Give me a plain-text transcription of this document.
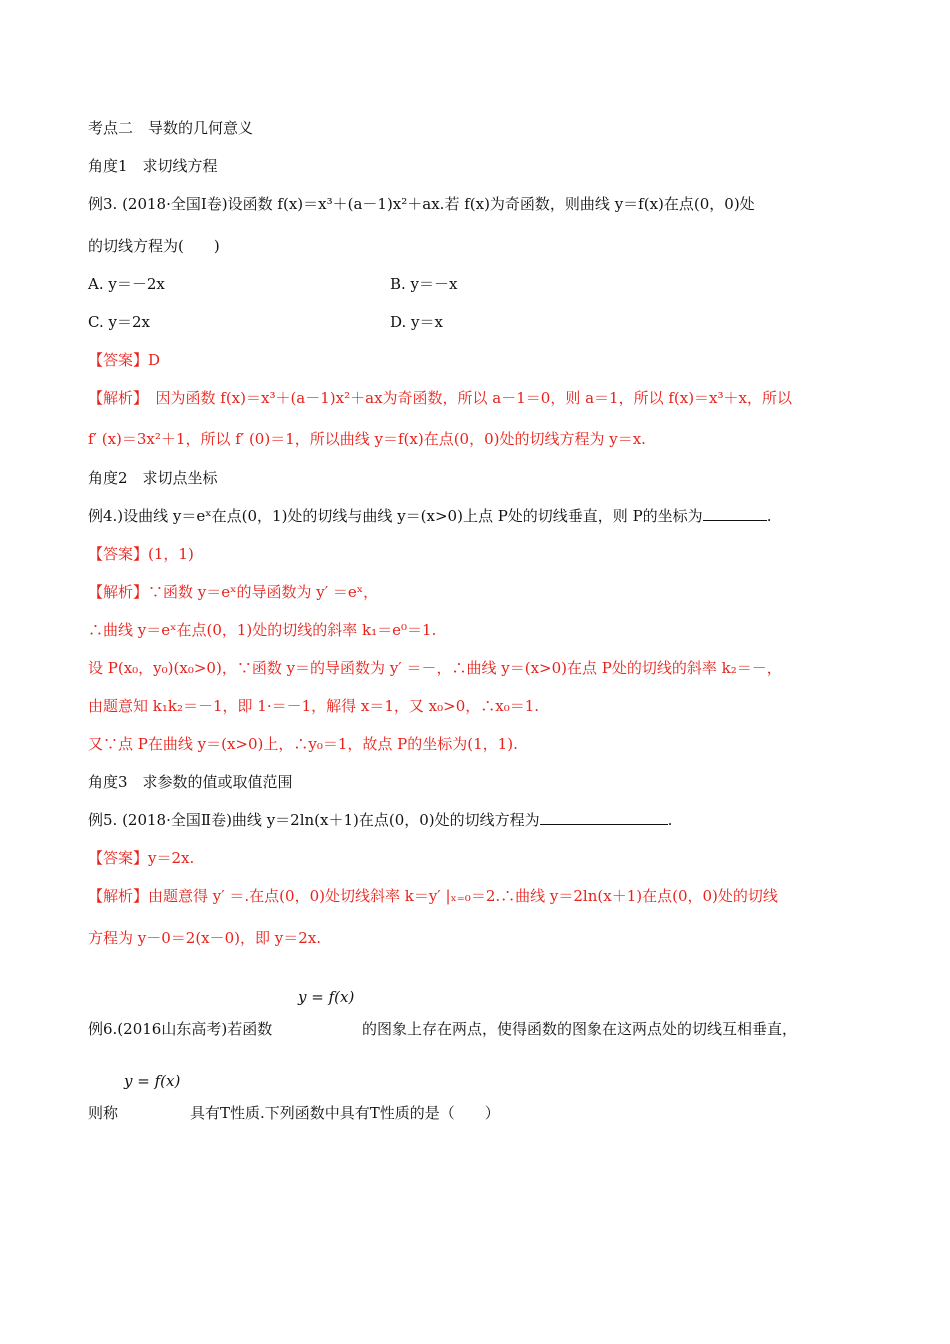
考点二　导数的几何意义
角度1　求切线方程
例3. (2018·全国Ⅰ卷)设函数 f(x)＝x³＋(a－1)x²＋ax.若 f(x)为奇函数，则曲线 y＝f(x)在点(0，0)处
的切线方程为(　　)
A. y＝－2x	B. y＝－x
C. y＝2x	D. y＝x
【答案】D
【解析】　因为函数 f(x)＝x³＋(a－1)x²＋ax为奇函数，所以 a－1＝0，则 a＝1，所以 f(x)＝x³＋x，所以
f′ (x)＝3x²＋1，所以 f′ (0)＝1，所以曲线 y＝f(x)在点(0，0)处的切线方程为 y＝x.
角度2　求切点坐标
例4.)设曲线 y＝eˣ在点(0，1)处的切线与曲线 y＝(x>0)上点 P处的切线垂直，则 P的坐标为	.
【答案】(1，1)
【解析】∵函数 y＝eˣ的导函数为 y′ ＝eˣ，
∴曲线 y＝eˣ在点(0，1)处的切线的斜率 k₁＝e⁰＝1.
设 P(x₀，y₀)(x₀>0)，∵函数 y＝的导函数为 y′ ＝－，∴曲线 y＝(x>0)在点 P处的切线的斜率 k₂＝－，
由题意知 k₁k₂＝－1，即 1·＝－1，解得 x＝1，又 x₀>0，∴x₀＝1.
又∵点 P在曲线 y＝(x>0)上，∴y₀＝1，故点 P的坐标为(1，1).
角度3　求参数的值或取值范围
例5. (2018·全国Ⅱ卷)曲线 y＝2ln(x＋1)在点(0，0)处的切线方程为	.
【答案】y＝2x.
【解析】由题意得 y′ ＝.在点(0，0)处切线斜率 k＝y′ |ₓ₌₀＝2.∴曲线 y＝2ln(x＋1)在点(0，0)处的切线
方程为 y－0＝2(x－0)，即 y＝2x.
y = f(x)
例6.(2016山东高考)若函数	的图象上存在两点，使得函数的图象在这两点处的切线互相垂直，
y = f(x)
则称	具有T性质.下列函数中具有T性质的是（　　）
